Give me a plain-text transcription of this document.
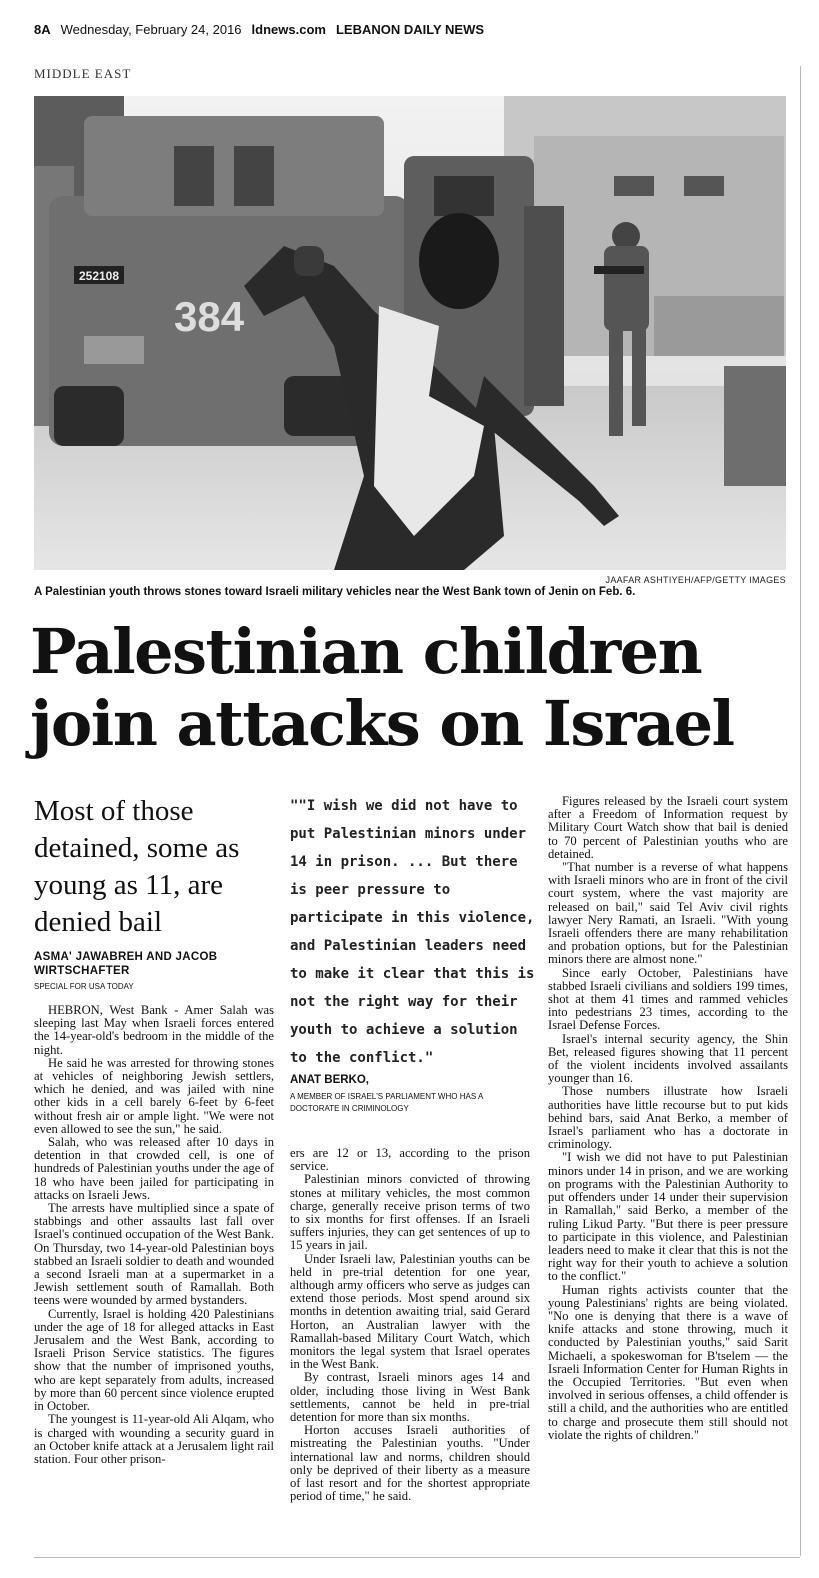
8A Wednesday, February 24, 2016 ldnews.com LEBANON DAILY NEWS
MIDDLE EAST
252108
384
JAAFAR ASHTIYEH/AFP/GETTY IMAGES
A Palestinian youth throws stones toward Israeli military vehicles near the West Bank town of Jenin on Feb. 6.
Palestinian children join attacks on Israel
Most of those detained, some as young as 11, are denied bail
ASMA' JAWABREH AND JACOB WIRTSCHAFTER
SPECIAL FOR USA TODAY

HEBRON, West Bank - Amer Salah was sleeping last May when Israeli forces entered the 14-year-old's bedroom in the middle of the night.

He said he was arrested for throwing stones at vehicles of neighboring Jewish settlers, which he denied, and was jailed with nine other kids in a cell barely 6-feet by 6-feet without fresh air or ample light. "We were not even allowed to see the sun," he said.

Salah, who was released after 10 days in detention in that crowded cell, is one of hundreds of Palestinian youths under the age of 18 who have been jailed for participating in attacks on Israeli Jews.

The arrests have multiplied since a spate of stabbings and other assaults last fall over Israel's continued occupation of the West Bank. On Thursday, two 14-year-old Palestinian boys stabbed an Israeli soldier to death and wounded a second Israeli man at a supermarket in a Jewish settlement south of Ramallah. Both teens were wounded by armed bystanders.

Currently, Israel is holding 420 Palestinians under the age of 18 for alleged attacks in East Jerusalem and the West Bank, according to Israeli Prison Service statistics. The figures show that the number of imprisoned youths, who are kept separately from adults, increased by more than 60 percent since violence erupted in October.

The youngest is 11-year-old Ali Alqam, who is charged with wounding a security guard in an October knife attack at a Jerusalem light rail station. Four other prison-

""I wish we did not have to put Palestinian minors under 14 in prison. ... But there is peer pressure to participate in this violence, and Palestinian leaders need to make it clear that this is not the right way for their youth to achieve a solution to the conflict."
ANAT BERKO,
A MEMBER OF ISRAEL'S PARLIAMENT WHO HAS A DOCTORATE IN CRIMINOLOGY

ers are 12 or 13, according to the prison service.

Palestinian minors convicted of throwing stones at military vehicles, the most common charge, generally receive prison terms of two to six months for first offenses. If an Israeli suffers injuries, they can get sentences of up to 15 years in jail.

Under Israeli law, Palestinian youths can be held in pre-trial detention for one year, although army officers who serve as judges can extend those periods. Most spend around six months in detention awaiting trial, said Gerard Horton, an Australian lawyer with the Ramallah-based Military Court Watch, which monitors the legal system that Israel operates in the West Bank.

By contrast, Israeli minors ages 14 and older, including those living in West Bank settlements, cannot be held in pre-trial detention for more than six months.

Horton accuses Israeli authorities of mistreating the Palestinian youths. "Under international law and norms, children should only be deprived of their liberty as a measure of last resort and for the shortest appropriate period of time," he said.

Figures released by the Israeli court system after a Freedom of Information request by Military Court Watch show that bail is denied to 70 percent of Palestinian youths who are detained.

"That number is a reverse of what happens with Israeli minors who are in front of the civil court system, where the vast majority are released on bail," said Tel Aviv civil rights lawyer Nery Ramati, an Israeli. "With young Israeli offenders there are many rehabilitation and probation options, but for the Palestinian minors there are almost none."

Since early October, Palestinians have stabbed Israeli civilians and soldiers 199 times, shot at them 41 times and rammed vehicles into pedestrians 23 times, according to the Israel Defense Forces.

Israel's internal security agency, the Shin Bet, released figures showing that 11 percent of the violent incidents involved assailants younger than 16.

Those numbers illustrate how Israeli authorities have little recourse but to put kids behind bars, said Anat Berko, a member of Israel's parliament who has a doctorate in criminology.

"I wish we did not have to put Palestinian minors under 14 in prison, and we are working on programs with the Palestinian Authority to put offenders under 14 under their supervision in Ramallah," said Berko, a member of the ruling Likud Party. "But there is peer pressure to participate in this violence, and Palestinian leaders need to make it clear that this is not the right way for their youth to achieve a solution to the conflict."

Human rights activists counter that the young Palestinians' rights are being violated. "No one is denying that there is a wave of knife attacks and stone throwing, much it conducted by Palestinian youths," said Sarit Michaeli, a spokeswoman for B'tselem — the Israeli Information Center for Human Rights in the Occupied Territories. "But even when involved in serious offenses, a child offender is still a child, and the authorities who are entitled to charge and prosecute them still should not violate the rights of children."
